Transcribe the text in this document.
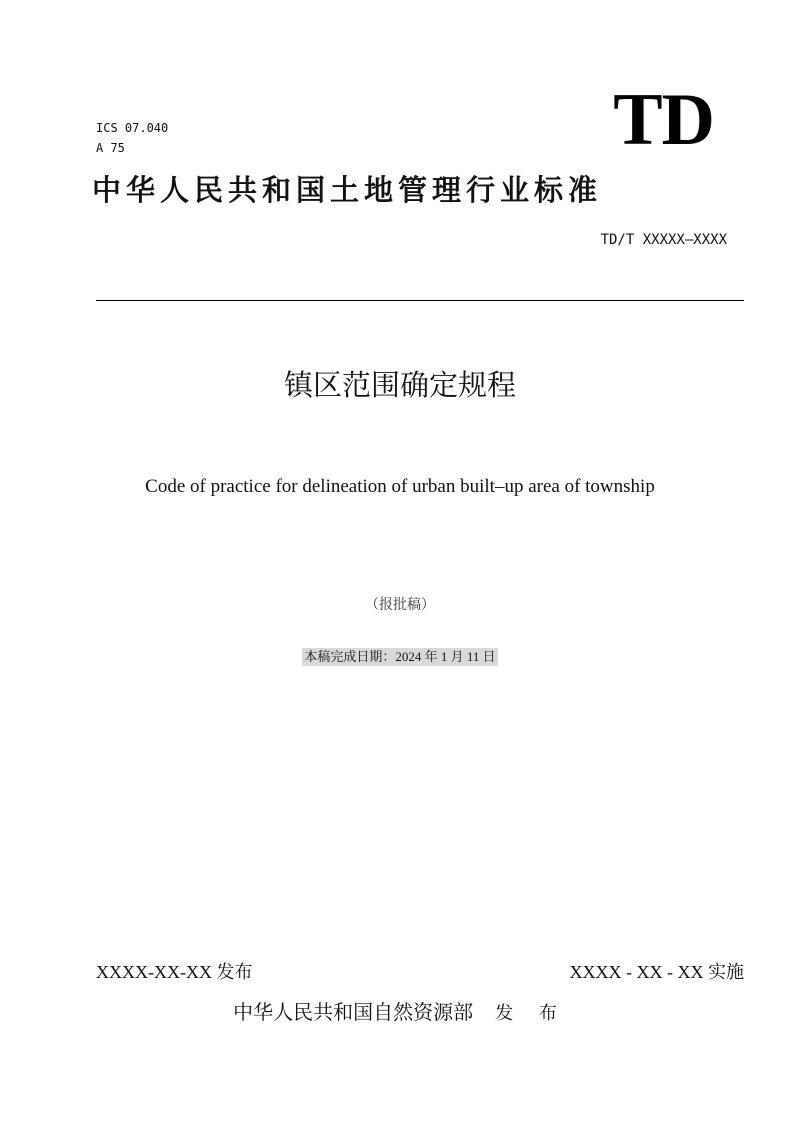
ICS 07.040
A 75	TD
中华人民共和国土地管理行业标准
TD/T XXXXX—XXXX
镇区范围确定规程
Code of practice for delineation of urban built–up area of township
（报批稿）
本稿完成日期：2024 年 1 月 11 日
XXXX-XX-XX 发布	XXXX - XX - XX 实施
中华人民共和国自然资源部 发 布
